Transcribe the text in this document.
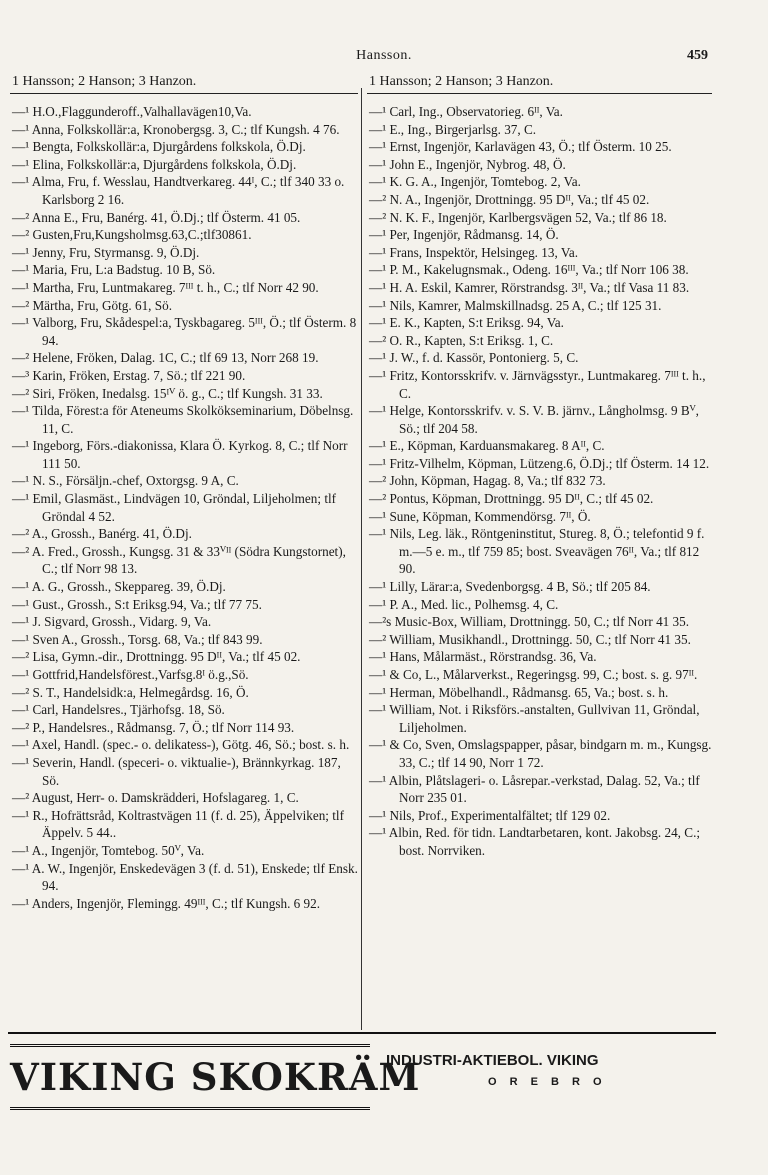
Hansson.	459
1 Hansson; 2 Hanson; 3 Hanzon.	1 Hansson; 2 Hanson; 3 Hanzon.

—¹ H.O.,Flaggunderoff.,Valhallavägen10,Va.

—¹ Anna, Folkskollär:a, Kronobergsg. 3, C.; tlf Kungsh. 4 76.

—¹ Bengta, Folkskollär:a, Djurgårdens folkskola, Ö.Dj.

—¹ Elina, Folkskollär:a, Djurgårdens folkskola, Ö.Dj.

—¹ Alma, Fru, f. Wesslau, Handtverkareg. 44ᴵ, C.; tlf 340 33 o. Karlsborg 2 16.

—² Anna E., Fru, Banérg. 41, Ö.Dj.; tlf Österm. 41 05.

—² Gusten,Fru,Kungsholmsg.63,C.;tlf30861.

—¹ Jenny, Fru, Styrmansg. 9, Ö.Dj.

—¹ Maria, Fru, L:a Badstug. 10 B, Sö.

—¹ Martha, Fru, Luntmakareg. 7ᴵᴵᴵ t. h., C.; tlf Norr 42 90.

—² Märtha, Fru, Götg. 61, Sö.

—¹ Valborg, Fru, Skådespel:a, Tyskbagareg. 5ᴵᴵᴵ, Ö.; tlf Österm. 8 94.

—² Helene, Fröken, Dalag. 1C, C.; tlf 69 13, Norr 268 19.

—³ Karin, Fröken, Erstag. 7, Sö.; tlf 221 90.

—² Siri, Fröken, Inedalsg. 15ᴵⱽ ö. g., C.; tlf Kungsh. 31 33.

—¹ Tilda, Förest:a för Ateneums Skolkökseminarium, Döbelnsg. 11, C.

—¹ Ingeborg, Förs.-diakonissa, Klara Ö. Kyrkog. 8, C.; tlf Norr 111 50.

—¹ N. S., Försäljn.-chef, Oxtorgsg. 9 A, C.

—¹ Emil, Glasmäst., Lindvägen 10, Gröndal, Liljeholmen; tlf Gröndal 4 52.

—² A., Grossh., Banérg. 41, Ö.Dj.

—² A. Fred., Grossh., Kungsg. 31 & 33ⱽᴵᴵ (Södra Kungstornet), C.; tlf Norr 98 13.

—¹ A. G., Grossh., Skeppareg. 39, Ö.Dj.

—¹ Gust., Grossh., S:t Eriksg.94, Va.; tlf 77 75.

—¹ J. Sigvard, Grossh., Vidarg. 9, Va.

—¹ Sven A., Grossh., Torsg. 68, Va.; tlf 843 99.

—² Lisa, Gymn.-dir., Drottningg. 95 Dᴵᴵ, Va.; tlf 45 02.

—¹ Gottfrid,Handelsförest.,Varfsg.8ᴵ ö.g.,Sö.

—² S. T., Handelsidk:a, Helmegårdsg. 16, Ö.

—¹ Carl, Handelsres., Tjärhofsg. 18, Sö.

—² P., Handelsres., Rådmansg. 7, Ö.; tlf Norr 114 93.

—¹ Axel, Handl. (spec.- o. delikatess-), Götg. 46, Sö.; bost. s. h.

—¹ Severin, Handl. (speceri- o. viktualie-), Brännkyrkag. 187, Sö.

—² August, Herr- o. Damskrädderi, Hofslagareg. 1, C.

—¹ R., Hofrättsråd, Koltrastvägen 11 (f. d. 25), Äppelviken; tlf Äppelv. 5 44..

—¹ A., Ingenjör, Tomtebog. 50ⱽ, Va.

—¹ A. W., Ingenjör, Enskedevägen 3 (f. d. 51), Enskede; tlf Ensk. 94.

—¹ Anders, Ingenjör, Flemingg. 49ᴵᴵᴵ, C.; tlf Kungsh. 6 92.

—¹ Carl, Ing., Observatorieg. 6ᴵᴵ, Va.

—¹ E., Ing., Birgerjarlsg. 37, C.

—¹ Ernst, Ingenjör, Karlavägen 43, Ö.; tlf Österm. 10 25.

—¹ John E., Ingenjör, Nybrog. 48, Ö.

—¹ K. G. A., Ingenjör, Tomtebog. 2, Va.

—² N. A., Ingenjör, Drottningg. 95 Dᴵᴵ, Va.; tlf 45 02.

—² N. K. F., Ingenjör, Karlbergsvägen 52, Va.; tlf 86 18.

—¹ Per, Ingenjör, Rådmansg. 14, Ö.

—¹ Frans, Inspektör, Helsingeg. 13, Va.

—¹ P. M., Kakelugnsmak., Odeng. 16ᴵᴵᴵ, Va.; tlf Norr 106 38.

—¹ H. A. Eskil, Kamrer, Rörstrandsg. 3ᴵᴵ, Va.; tlf Vasa 11 83.

—¹ Nils, Kamrer, Malmskillnadsg. 25 A, C.; tlf 125 31.

—¹ E. K., Kapten, S:t Eriksg. 94, Va.

—² O. R., Kapten, S:t Eriksg. 1, C.

—¹ J. W., f. d. Kassör, Pontonierg. 5, C.

—¹ Fritz, Kontorsskrifv. v. Järnvägsstyr., Luntmakareg. 7ᴵᴵᴵ t. h., C.

—¹ Helge, Kontorsskrifv. v. S. V. B. järnv., Långholmsg. 9 Bⱽ, Sö.; tlf 204 58.

—¹ E., Köpman, Karduansmakareg. 8 Aᴵᴵ, C.

—¹ Fritz-Vilhelm, Köpman, Lützeng.6, Ö.Dj.; tlf Österm. 14 12.

—² John, Köpman, Hagag. 8, Va.; tlf 832 73.

—² Pontus, Köpman, Drottningg. 95 Dᴵᴵ, C.; tlf 45 02.

—¹ Sune, Köpman, Kommendörsg. 7ᴵᴵ, Ö.

—¹ Nils, Leg. läk., Röntgeninstitut, Stureg. 8, Ö.; telefontid 9 f. m.—5 e. m., tlf 759 85; bost. Sveavägen 76ᴵᴵ, Va.; tlf 812 90.

—¹ Lilly, Lärar:a, Svedenborgsg. 4 B, Sö.; tlf 205 84.

—¹ P. A., Med. lic., Polhemsg. 4, C.

—²s Music-Box, William, Drottningg. 50, C.; tlf Norr 41 35.

—² William, Musikhandl., Drottningg. 50, C.; tlf Norr 41 35.

—¹ Hans, Målarmäst., Rörstrandsg. 36, Va.

—¹ & Co, L., Målarverkst., Regeringsg. 99, C.; bost. s. g. 97ᴵᴵ.

—¹ Herman, Möbelhandl., Rådmansg. 65, Va.; bost. s. h.

—¹ William, Not. i Riksförs.-anstalten, Gullvivan 11, Gröndal, Liljeholmen.

—¹ & Co, Sven, Omslagspapper, påsar, bindgarn m. m., Kungsg. 33, C.; tlf 14 90, Norr 1 72.

—¹ Albin, Plåtslageri- o. Låsrepar.-verkstad, Dalag. 52, Va.; tlf Norr 235 01.

—¹ Nils, Prof., Experimentalfältet; tlf 129 02.

—¹ Albin, Red. för tidn. Landtarbetaren, kont. Jakobsg. 24, C.; bost. Norrviken.

VIKING SKOKRÄM
INDUSTRI-AKTIEBOL. VIKING
O R E B R O
